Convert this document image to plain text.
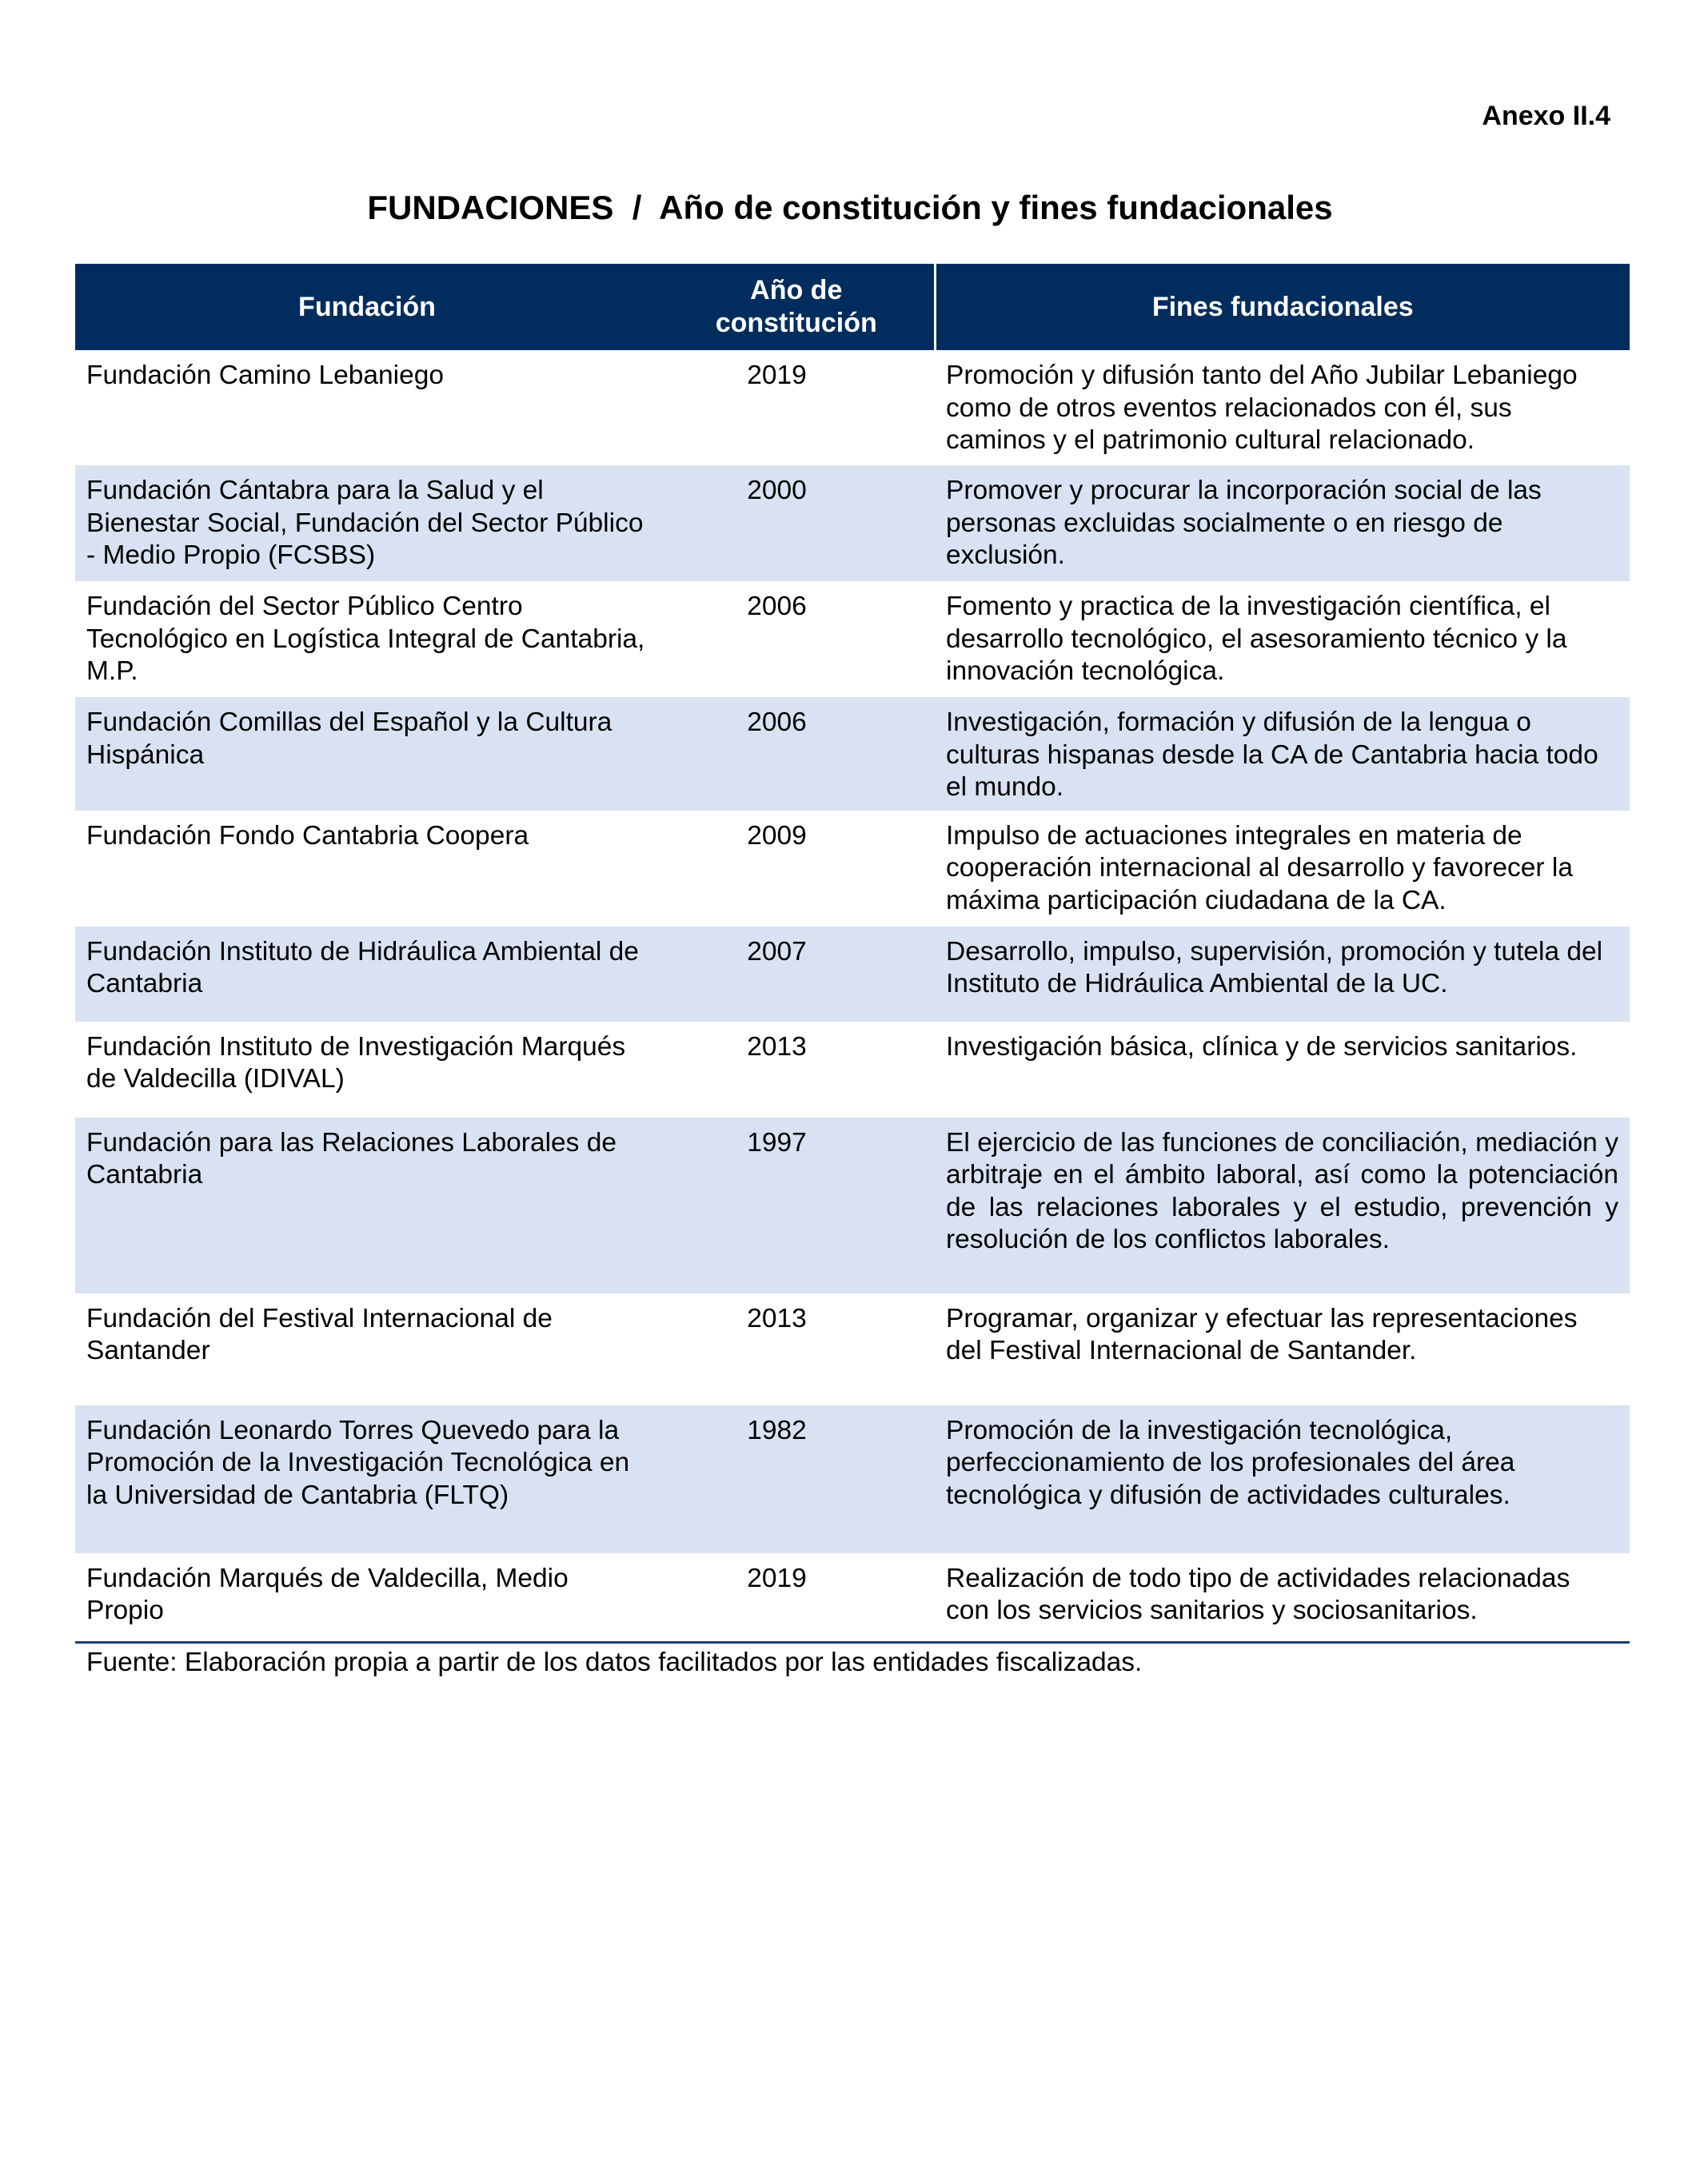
Anexo II.4
FUNDACIONES  /  Año de constitución y fines fundacionales
Fundación	Año de constitución	Fines fundacionales
Fundación Camino Lebaniego	2019	Promoción y difusión tanto del Año Jubilar Lebaniego como de otros eventos relacionados con él, sus caminos y el patrimonio cultural relacionado.
Fundación Cántabra para la Salud y el Bienestar Social, Fundación del Sector Público - Medio Propio (FCSBS)	2000	Promover y procurar la incorporación social de las personas excluidas socialmente o en riesgo de exclusión.
Fundación del Sector Público Centro Tecnológico en Logística Integral de Cantabria, M.P.	2006	Fomento y practica de la investigación científica, el desarrollo tecnológico, el asesoramiento técnico y la innovación tecnológica.
Fundación Comillas del Español y la Cultura Hispánica	2006	Investigación, formación y difusión de la lengua o culturas hispanas desde la CA de Cantabria hacia todo el mundo.
Fundación Fondo Cantabria Coopera	2009	Impulso de actuaciones integrales en materia de cooperación internacional al desarrollo y favorecer la máxima participación ciudadana de la CA.
Fundación Instituto de Hidráulica Ambiental de Cantabria	2007	Desarrollo, impulso, supervisión, promoción y tutela del Instituto de Hidráulica Ambiental de la UC.
Fundación Instituto de Investigación Marqués de Valdecilla (IDIVAL)	2013	Investigación básica, clínica y de servicios sanitarios.
Fundación para las Relaciones Laborales de Cantabria	1997	El ejercicio de las funciones de conciliación, mediación y arbitraje en el ámbito laboral, así como la potenciación de las relaciones laborales y el estudio, prevención y resolución de los conflictos laborales.
Fundación del Festival Internacional de Santander	2013	Programar, organizar y efectuar las representaciones del Festival Internacional de Santander.
Fundación Leonardo Torres Quevedo para la Promoción de la Investigación Tecnológica en la Universidad de Cantabria (FLTQ)	1982	Promoción de la investigación tecnológica, perfeccionamiento de los profesionales del área tecnológica y difusión de actividades culturales.
Fundación Marqués de Valdecilla, Medio Propio	2019	Realización de todo tipo de actividades relacionadas con los servicios sanitarios y sociosanitarios.
Fuente: Elaboración propia a partir de los datos facilitados por las entidades fiscalizadas.
